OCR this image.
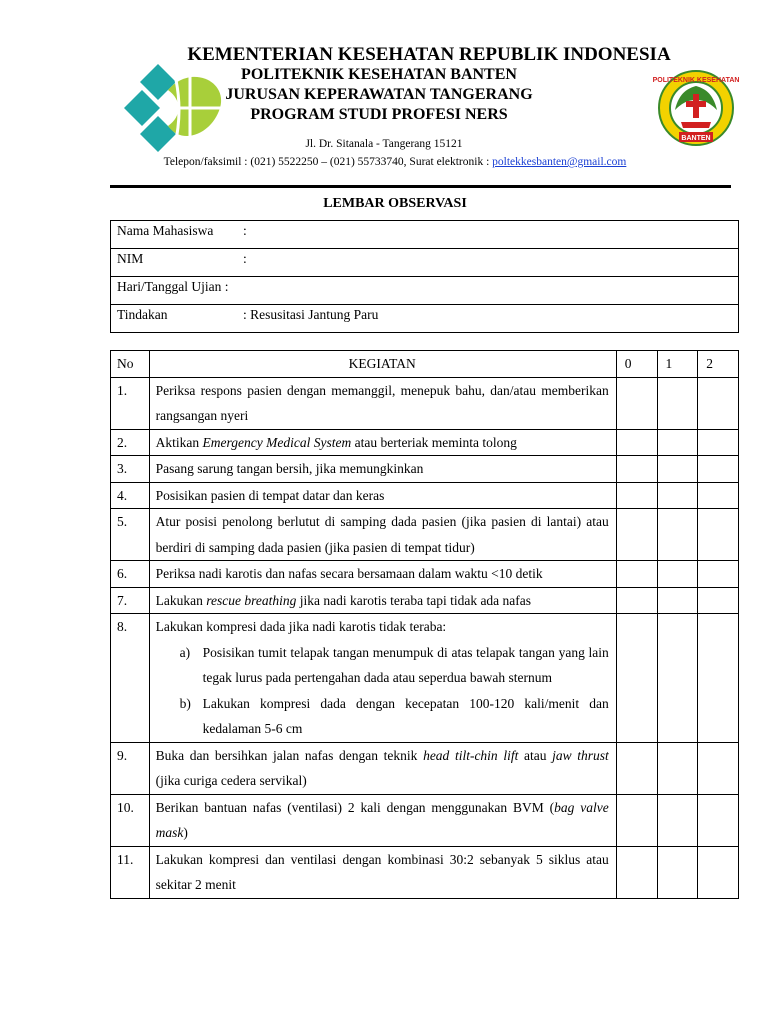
POLITEKNIK KESEHATAN
BANTEN
KEMENTERIAN KESEHATAN REPUBLIK INDONESIA
POLITEKNIK KESEHATAN BANTEN
JURUSAN KEPERAWATAN TANGERANG
PROGRAM STUDI PROFESI NERS
Jl. Dr. Sitanala - Tangerang 15121
Telepon/faksimil : (021) 5522250 – (021) 55733740, Surat elektronik : poltekkesbanten@gmail.com
LEMBAR OBSERVASI
Nama Mahasiswa :
NIM	:
Hari/Tanggal Ujian :
Tindakan	: Resusitasi Jantung Paru
No	KEGIATAN	0	1	2
1.	Periksa respons pasien dengan memanggil, menepuk bahu, dan/atau memberikan rangsangan nyeri			
2.	Aktikan Emergency Medical System atau berteriak meminta tolong			
3.	Pasang sarung tangan bersih, jika memungkinkan			
4.	Posisikan pasien di tempat datar dan keras			
5.	Atur posisi penolong berlutut di samping dada pasien (jika pasien di lantai) atau berdiri di samping dada pasien (jika pasien di tempat tidur)			
6.	Periksa nadi karotis dan nafas secara bersamaan dalam waktu <10 detik			
7.	Lakukan rescue breathing jika nadi karotis teraba tapi tidak ada nafas			
8.	Lakukan kompresi dada jika nadi karotis tidak teraba:
a) Posisikan tumit telapak tangan menumpuk di atas telapak tangan yang lain tegak lurus pada pertengahan dada atau seperdua bawah sternum
b) Lakukan kompresi dada dengan kecepatan 100-120 kali/menit dan kedalaman 5-6 cm			

9.	Buka dan bersihkan jalan nafas dengan teknik head tilt-chin lift atau jaw thrust (jika curiga cedera servikal)			
10.	Berikan bantuan nafas (ventilasi) 2 kali dengan menggunakan BVM (bag valve mask)			
11.	Lakukan kompresi dan ventilasi dengan kombinasi 30:2 sebanyak 5 siklus atau sekitar 2 menit			
